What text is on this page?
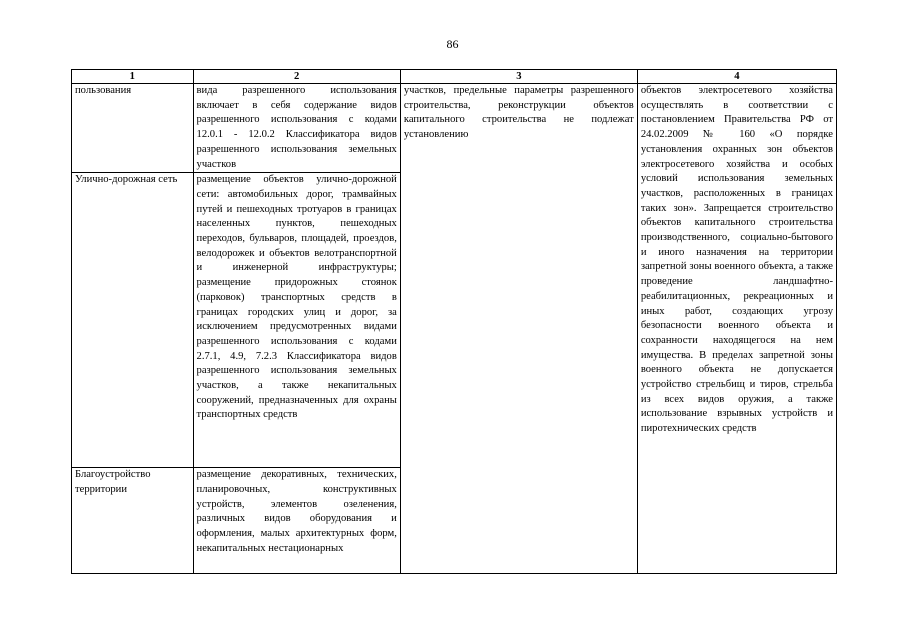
86
1	2	3	4
пользования	вида разрешенного использования включает в себя содержание видов разрешенного использования с кодами 12.0.1 - 12.0.2 Классификатора видов разрешенного использования земельных участков	участков, предельные параметры разрешенного строительства, реконструкции объектов капитального строительства не подлежат установлению	объектов электросетевого хозяйства осуществлять в соответствии с постановлением Правительства РФ от 24.02.2009 № 160 «О порядке установления охранных зон объектов электросетевого хозяйства и особых условий использования земельных участков, расположенных в границах таких зон». Запрещается строительство объектов капитального строительства производственного, социально-бытового и иного назначения на территории запретной зоны военного объекта, а также проведение ландшафтно-реабилитационных, рекреационных и иных работ, создающих угрозу безопасности военного объекта и сохранности находящегося на нем имущества. В пределах запретной зоны военного объекта не допускается устройство стрельбищ и тиров, стрельба из всех видов оружия, а также использование взрывных устройств и пиротехнических средств
Улично-дорожная сеть	размещение объектов улично-дорожной сети: автомобильных дорог, трамвайных путей и пешеходных тротуаров в границах населенных пунктов, пешеходных переходов, бульваров, площадей, проездов, велодорожек и объектов велотранспортной и инженерной инфраструктуры; размещение придорожных стоянок (парковок) транспортных средств в границах городских улиц и дорог, за исключением предусмотренных видами разрешенного использования с кодами 2.7.1, 4.9, 7.2.3 Классификатора видов разрешенного использования земельных участков, а также некапитальных сооружений, предназначенных для охраны транспортных средств		
Благоустройство территории	размещение декоративных, технических, планировочных, конструктивных устройств, элементов озеленения, различных видов оборудования и оформления, малых архитектурных форм, некапитальных нестационарных		
